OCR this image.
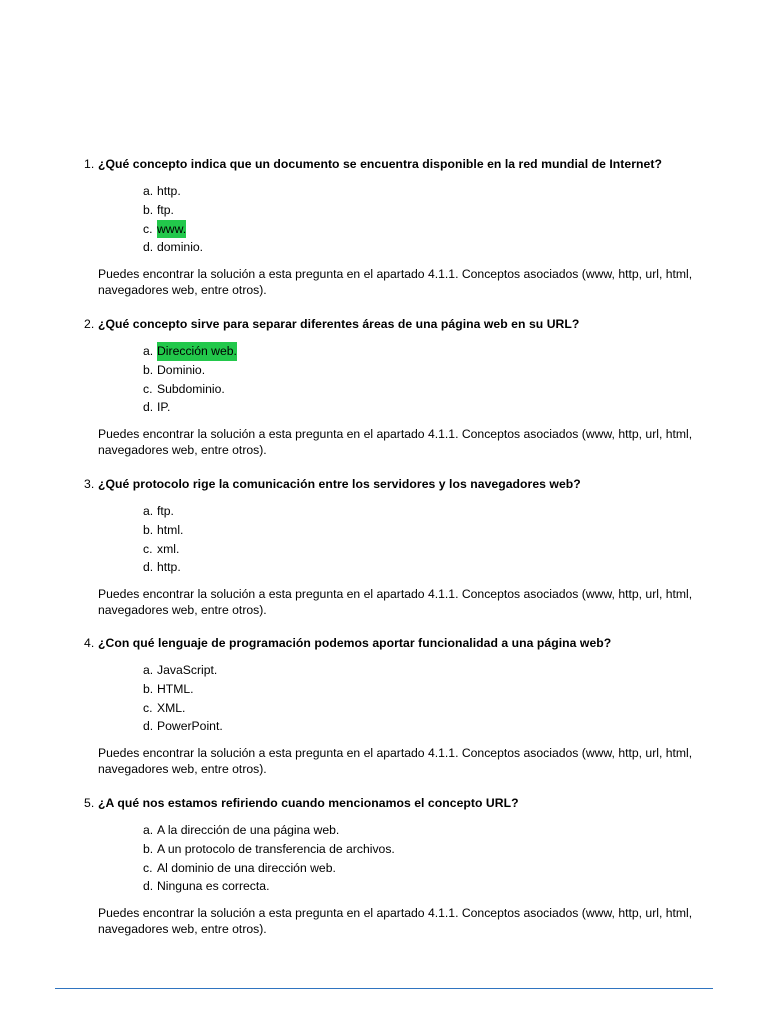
1. ¿Qué concepto indica que un documento se encuentra disponible en la red mundial de Internet?
a. http.
b. ftp.
c. www.
d. dominio.

Puedes encontrar la solución a esta pregunta en el apartado 4.1.1. Conceptos asociados (www, http, url, html, navegadores web, entre otros).

2. ¿Qué concepto sirve para separar diferentes áreas de una página web en su URL?
a. Dirección web.
b. Dominio.
c. Subdominio.
d. IP.

Puedes encontrar la solución a esta pregunta en el apartado 4.1.1. Conceptos asociados (www, http, url, html, navegadores web, entre otros).

3. ¿Qué protocolo rige la comunicación entre los servidores y los navegadores web?
a. ftp.
b. html.
c. xml.
d. http.

Puedes encontrar la solución a esta pregunta en el apartado 4.1.1. Conceptos asociados (www, http, url, html, navegadores web, entre otros).

4. ¿Con qué lenguaje de programación podemos aportar funcionalidad a una página web?
a. JavaScript.
b. HTML.
c. XML.
d. PowerPoint.

Puedes encontrar la solución a esta pregunta en el apartado 4.1.1. Conceptos asociados (www, http, url, html, navegadores web, entre otros).

5. ¿A qué nos estamos refiriendo cuando mencionamos el concepto URL?
a. A la dirección de una página web.
b. A un protocolo de transferencia de archivos.
c. Al dominio de una dirección web.
d. Ninguna es correcta.

Puedes encontrar la solución a esta pregunta en el apartado 4.1.1. Conceptos asociados (www, http, url, html, navegadores web, entre otros).
